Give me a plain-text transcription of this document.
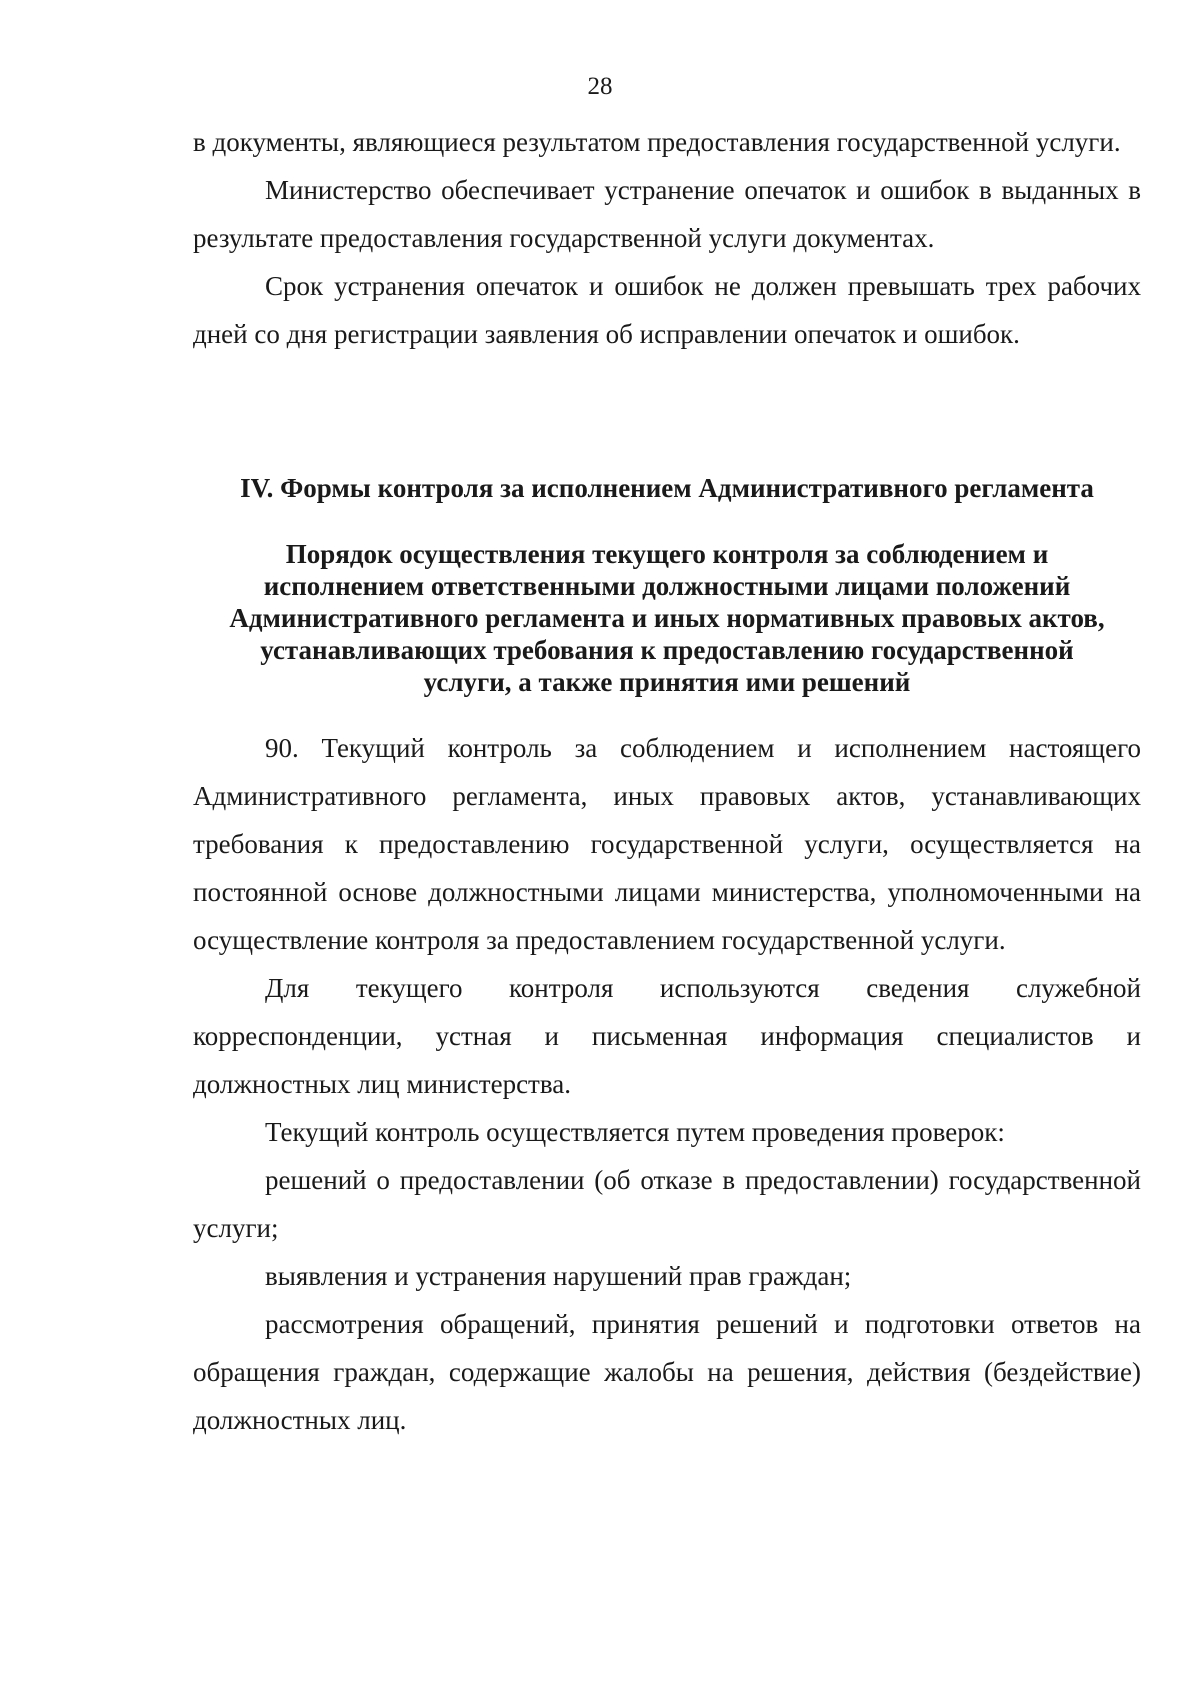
28

в документы, являющиеся результатом предоставления государственной услуги.

Министерство обеспечивает устранение опечаток и ошибок в выданных в результате предоставления государственной услуги документах.

Срок устранения опечаток и ошибок не должен превышать трех рабочих дней со дня регистрации заявления об исправлении опечаток и ошибок.

IV. Формы контроля за исполнением Административного регламента
Порядок осуществления текущего контроля за соблюдением и
исполнением ответственными должностными лицами положений
Административного регламента и иных нормативных правовых актов,
устанавливающих требования к предоставлению государственной
услуги, а также принятия ими решений

90. Текущий контроль за соблюдением и исполнением настоящего Административного регламента, иных правовых актов, устанавливающих требования к предоставлению государственной услуги, осуществляется на постоянной основе должностными лицами министерства, уполномоченными на осуществление контроля за предоставлением государственной услуги.

Для текущего контроля используются сведения служебной корреспонденции, устная и письменная информация специалистов и должностных лиц министерства.

Текущий контроль осуществляется путем проведения проверок:

решений о предоставлении (об отказе в предоставлении) государственной услуги;

выявления и устранения нарушений прав граждан;

рассмотрения обращений, принятия решений и подготовки ответов на обращения граждан, содержащие жалобы на решения, действия (бездействие) должностных лиц.
